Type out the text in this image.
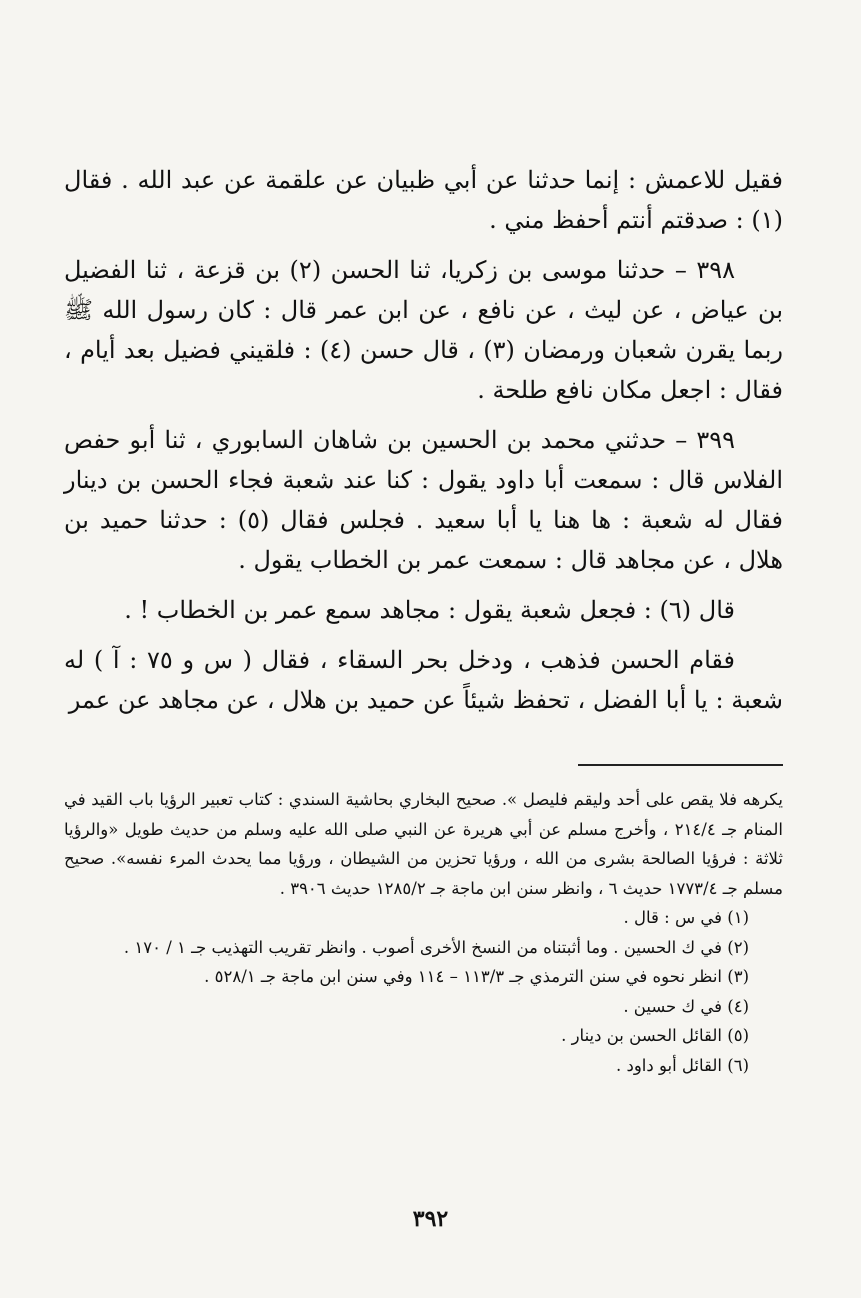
فقيل للاعمش : إنما حدثنا عن أبي ظبيان عن علقمة عن عبد الله . فقال (١) : صدقتم أنتم أحفظ مني .

٣٩٨ – حدثنا موسى بن زكريا، ثنا الحسن (٢) بن قزعة ، ثنا الفضيل بن عياض ، عن ليث ، عن نافع ، عن ابن عمر قال : كان رسول الله ﷺ ربما يقرن شعبان ورمضان (٣) ، قال حسن (٤) : فلقيني فضيل بعد أيام ، فقال : اجعل مكان نافع طلحة .

٣٩٩ – حدثني محمد بن الحسين بن شاهان السابوري ، ثنا أبو حفص الفلاس قال : سمعت أبا داود يقول : كنا عند شعبة فجاء الحسن بن دينار فقال له شعبة : ها هنا يا أبا سعيد . فجلس فقال (٥) : حدثنا حميد بن هلال ، عن مجاهد قال : سمعت عمر بن الخطاب يقول .

قال (٦) : فجعل شعبة يقول : مجاهد سمع عمر بن الخطاب ! .

فقام الحسن فذهب ، ودخل بحر السقاء ، فقال ( س و ٧٥ : آ ) له شعبة : يا أبا الفضل ، تحفظ شيئاً عن حميد بن هلال ، عن مجاهد عن عمر

يكرهه فلا يقص على أحد وليقم فليصل ». صحيح البخاري بحاشية السندي : كتاب تعبير الرؤيا باب القيد في المنام جـ ٢١٤/٤ ، وأخرج مسلم عن أبي هريرة عن النبي صلى الله عليه وسلم من حديث طويل «والرؤيا ثلاثة : فرؤيا الصالحة بشرى من الله ، ورؤيا تحزين من الشيطان ، ورؤيا مما يحدث المرء نفسه». صحيح مسلم جـ ١٧٧٣/٤ حديث ٦ ، وانظر سنن ابن ماجة جـ ١٢٨٥/٢ حديث ٣٩٠٦ .

(١) في س : قال .

(٢) في ك الحسين . وما أثبتناه من النسخ الأخرى أصوب . وانظر تقريب التهذيب جـ ١ / ١٧٠ .

(٣) انظر نحوه في سنن الترمذي جـ ١١٣/٣ – ١١٤ وفي سنن ابن ماجة جـ ٥٢٨/١ .

(٤) في ك حسين .

(٥) القائل الحسن بن دينار .

(٦) القائل أبو داود .

٣٩٢
